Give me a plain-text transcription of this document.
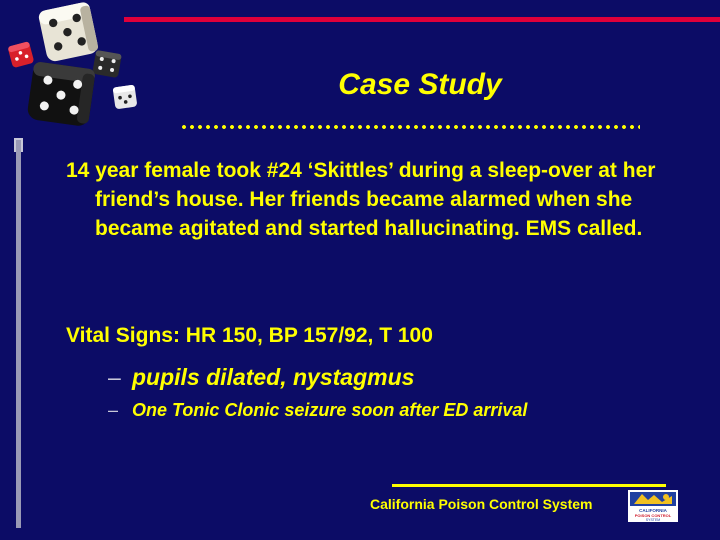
Case Study

14 year female took #24 ‘Skittles’ during a sleep-over at her friend’s house. Her friends became alarmed when she became agitated and started hallucinating. EMS called.

Vital Signs: HR 150, BP 157/92, T 100

– pupils dilated, nystagmus
– One Tonic Clonic seizure soon after ED arrival
California Poison Control System	CALIFORNIA
POISON CONTROL
SYSTEM
